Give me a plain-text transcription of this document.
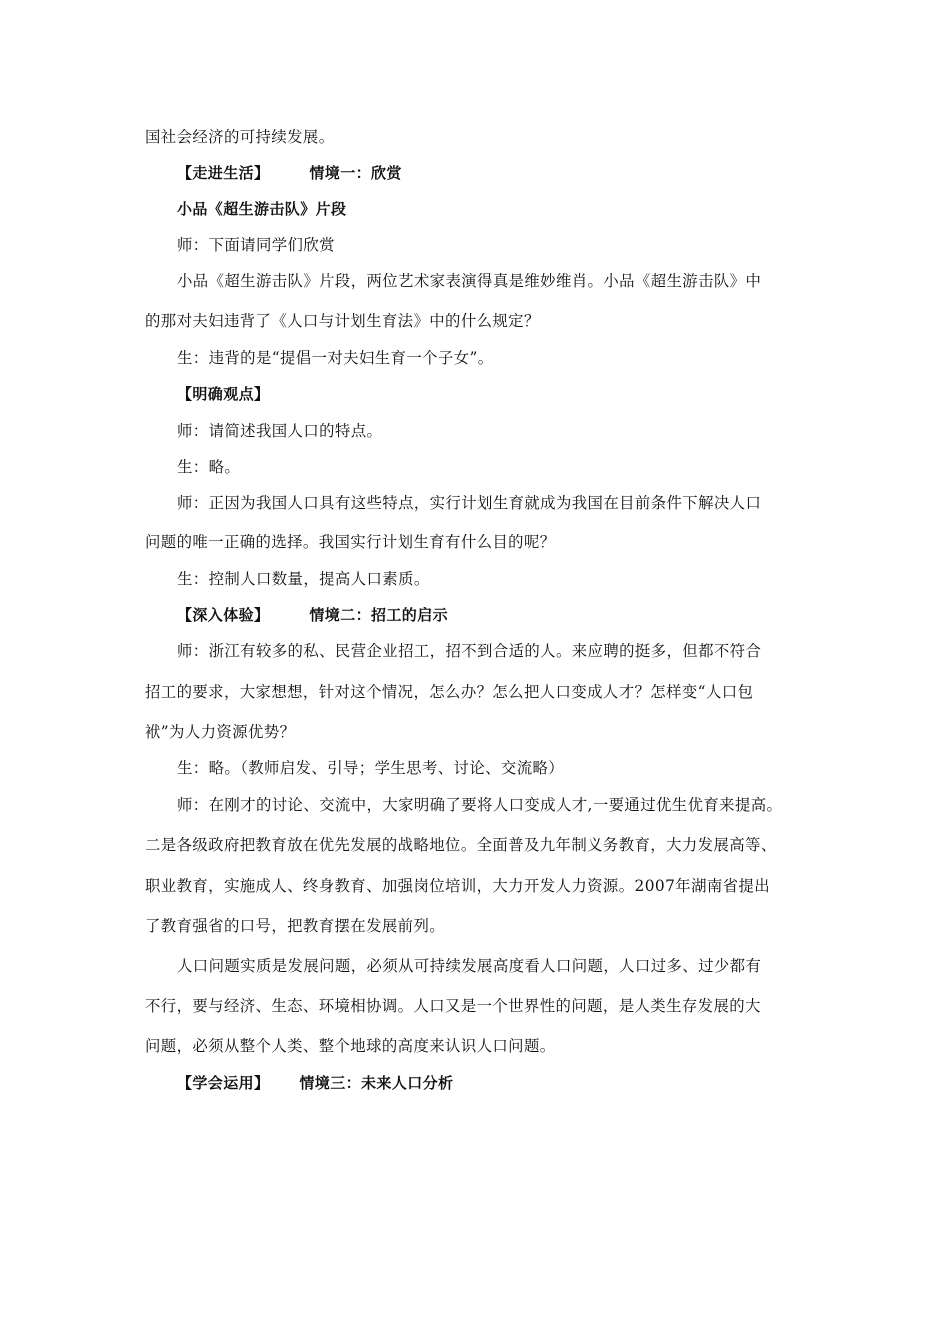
国社会经济的可持续发展。
【走进生活】	情境一：欣赏
小品《超生游击队》片段
师：下面请同学们欣赏
小品《超生游击队》片段，两位艺术家表演得真是维妙维肖。小品《超生游击队》中
的那对夫妇违背了《人口与计划生育法》中的什么规定？
生：违背的是“提倡一对夫妇生育一个子女”。
【明确观点】
师：请简述我国人口的特点。
生：略。
师：正因为我国人口具有这些特点，实行计划生育就成为我国在目前条件下解决人口
问题的唯一正确的选择。我国实行计划生育有什么目的呢？
生：控制人口数量，提高人口素质。
【深入体验】	情境二：招工的启示
师：浙江有较多的私、民营企业招工，招不到合适的人。来应聘的挺多，但都不符合
招工的要求，大家想想，针对这个情况，怎么办？怎么把人口变成人才？怎样变“人口包
袱”为人力资源优势？
生：略。（教师启发、引导；学生思考、讨论、交流略）
师：在刚才的讨论、交流中，大家明确了要将人口变成人才,一要通过优生优育来提高。
二是各级政府把教育放在优先发展的战略地位。全面普及九年制义务教育，大力发展高等、
职业教育，实施成人、终身教育、加强岗位培训，大力开发人力资源。2007年湖南省提出
了教育强省的口号，把教育摆在发展前列。
人口问题实质是发展问题，必须从可持续发展高度看人口问题，人口过多、过少都有
不行，要与经济、生态、环境相协调。人口又是一个世界性的问题，是人类生存发展的大
问题，必须从整个人类、整个地球的高度来认识人口问题。
【学会运用】 情境三：未来人口分析
